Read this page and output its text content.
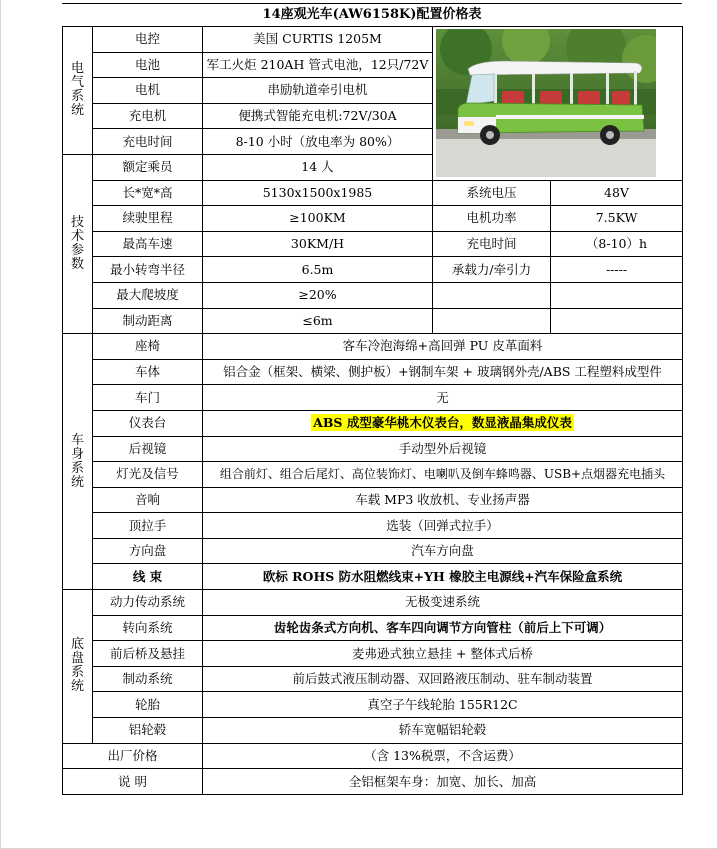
14座观光车(AW6158K)配置价格表
电
气
系
统	电控	美国 CURTIS 1205M	

	电池	军工火炬 210AH 管式电池，12只/72V		
	电机	串励轨道牵引电机		
	充电机	便携式智能充电机:72V/30A		
	充电时间	8-10 小时（放电率为 80%）		

技
术
参
数	额定乘员	14 人		
	长*宽*高	5130x1500x1985	系统电压	48V
	续驶里程	≥100KM	电机功率	7.5KW
	最高车速	30KM/H	充电时间	（8-10）h
	最小转弯半径	6.5m	承载力/牵引力	-----
	最大爬坡度	≥20%		
	制动距离	≤6m		

车
身
系
统	座椅	客车冷泡海绵+高回弹 PU 皮革面料		
	车体	铝合金（框架、横梁、侧护板）+钢制车架 + 玻璃钢外壳/ABS 工程塑料成型件		
	车门	无		
	仪表台	ABS 成型豪华桃木仪表台，数显液晶集成仪表		
	后视镜	手动型外后视镜		
	灯光及信号	组合前灯、组合后尾灯、高位装饰灯、电喇叭及倒车蜂鸣器、USB+点烟器充电插头		
	音响	车载 MP3 收放机、专业扬声器		
	顶拉手	选装（回弹式拉手）		
	方向盘	汽车方向盘		
	线 束	欧标 ROHS 防水阻燃线束+YH 橡胶主电源线+汽车保险盒系统		

底
盘
系
统	动力传动系统	无极变速系统		
	转向系统	齿轮齿条式方向机、客车四向调节方向管柱（前后上下可调）		
	前后桥及悬挂	麦弗逊式独立悬挂 + 整体式后桥		
	制动系统	前后鼓式液压制动器、双回路液压制动、驻车制动装置		
	轮胎	真空子午线轮胎 155R12C		
	铝轮毂	轿车宽幅铝轮毂		
出厂价格		（含 13%税票，不含运费）		
说 明		全铝框架车身：加宽、加长、加高		
